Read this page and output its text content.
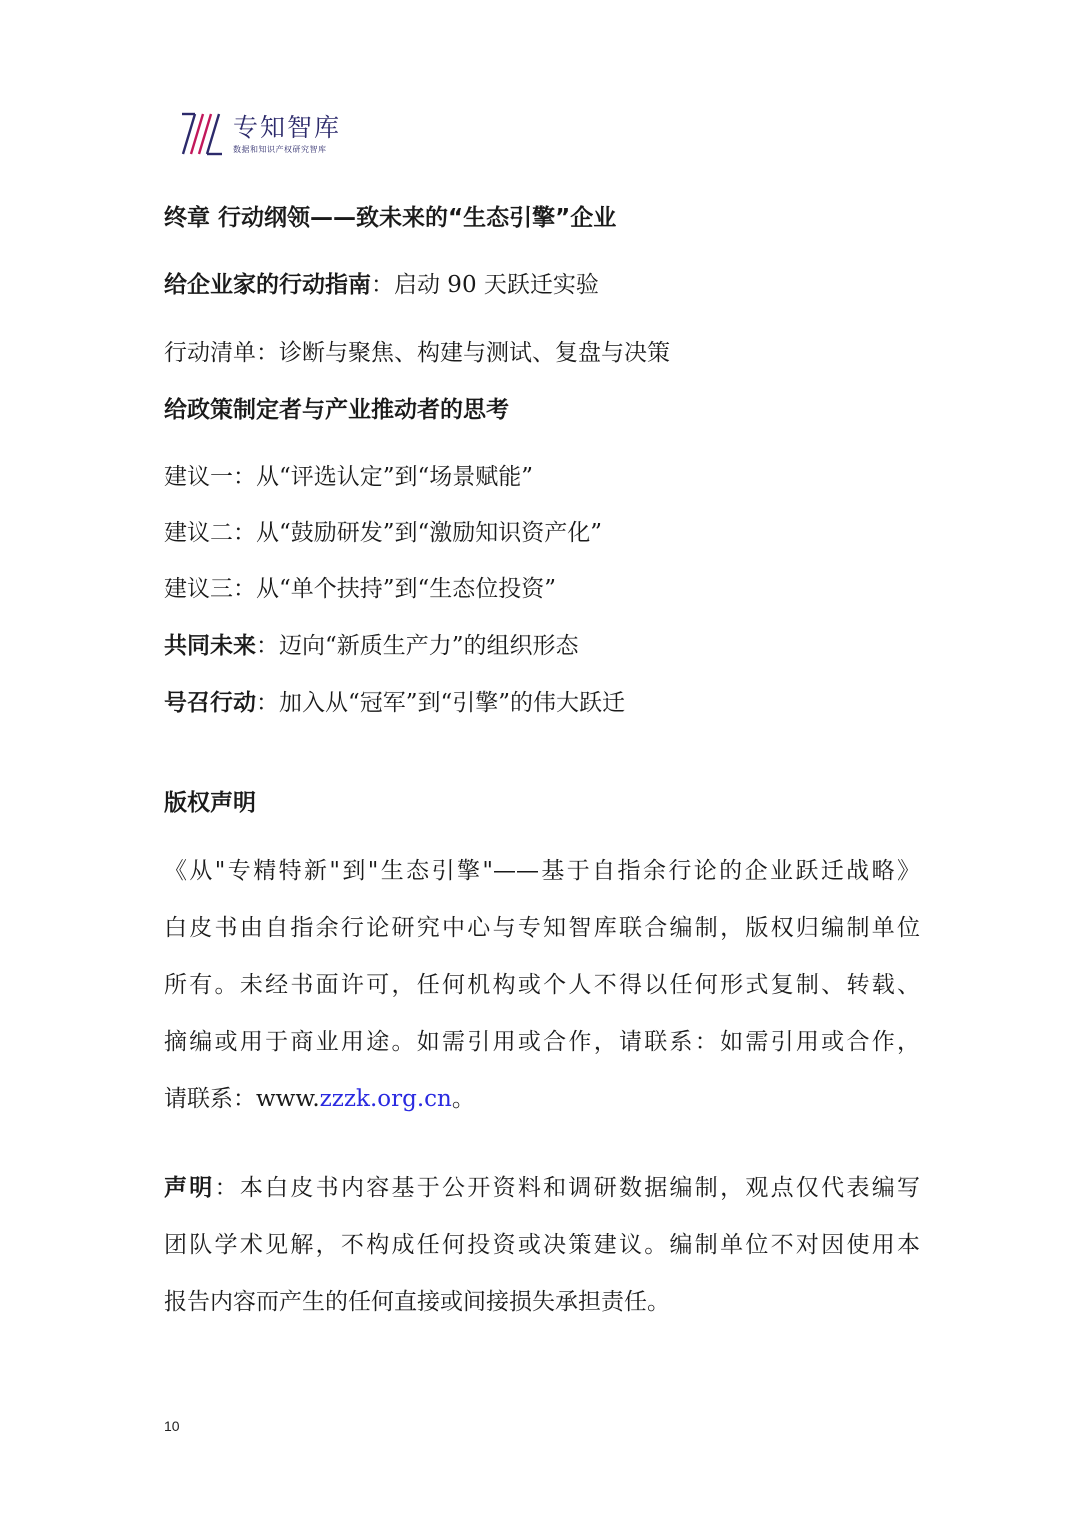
专知智库
数据和知识产权研究智库
终章 行动纲领——致未来的“生态引擎”企业
给企业家的行动指南：启动 90 天跃迁实验
行动清单：诊断与聚焦、构建与测试、复盘与决策
给政策制定者与产业推动者的思考
建议一：从“评选认定”到“场景赋能”
建议二：从“鼓励研发”到“激励知识资产化”
建议三：从“单个扶持”到“生态位投资”
共同未来：迈向“新质生产力”的组织形态
号召行动：加入从“冠军”到“引擎”的伟大跃迁
版权声明
《从"专精特新"到"生态引擎"——基于自指余行论的企业跃迁战略》
白皮书由自指余行论研究中心与专知智库联合编制，版权归编制单位
所有。未经书面许可，任何机构或个人不得以任何形式复制、转载、
摘编或用于商业用途。如需引用或合作，请联系：如需引用或合作，
请联系：www.zzzk.org.cn。
声明：本白皮书内容基于公开资料和调研数据编制，观点仅代表编写
团队学术见解，不构成任何投资或决策建议。编制单位不对因使用本
报告内容而产生的任何直接或间接损失承担责任。
10
